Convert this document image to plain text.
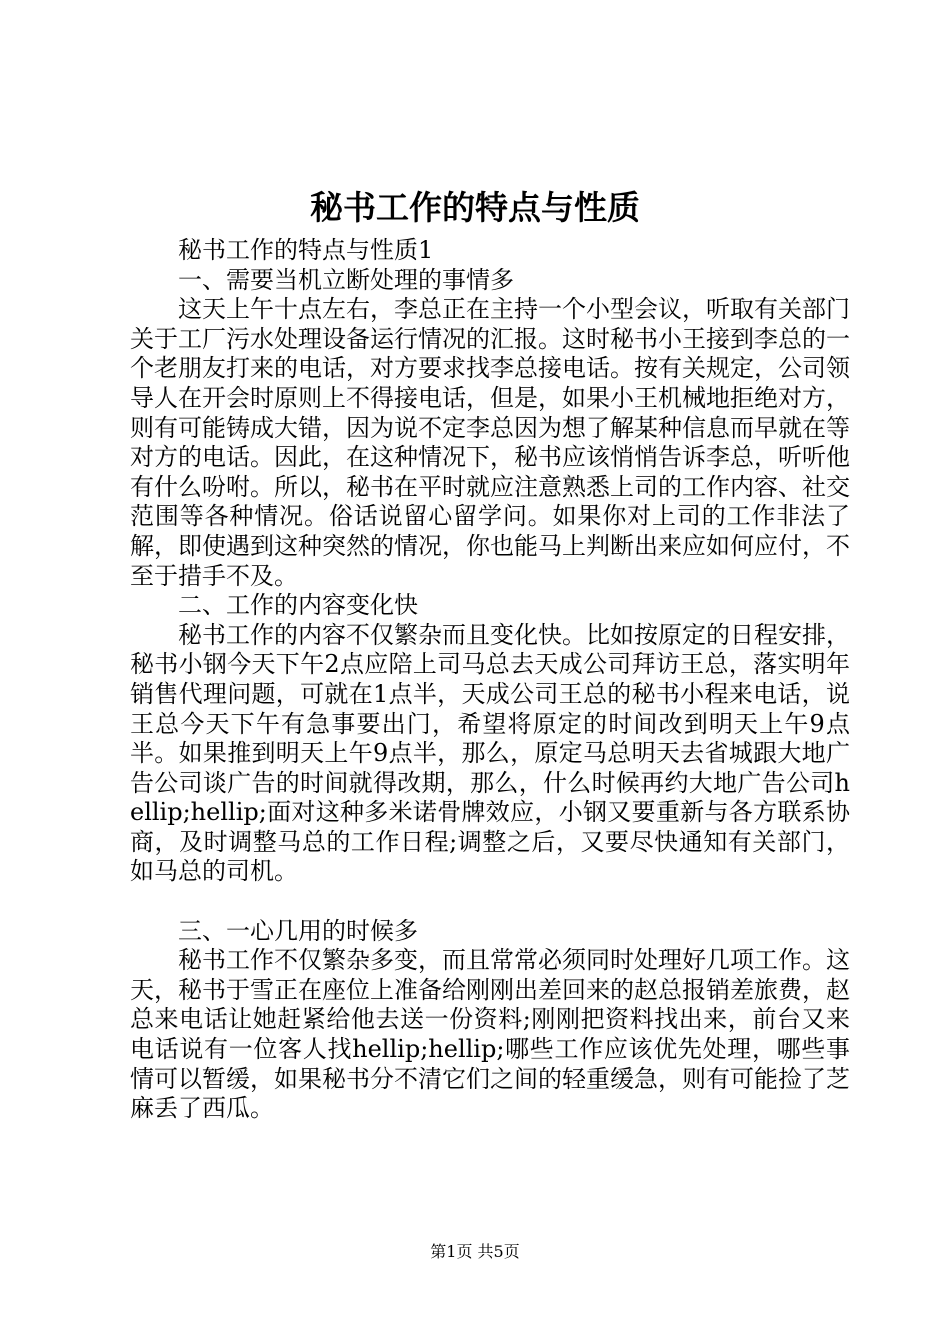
秘书工作的特点与性质

秘书工作的特点与性质1

一、需要当机立断处理的事情多

这天上午十点左右，李总正在主持一个小型会议，听取有关部门关于工厂污水处理设备运行情况的汇报。这时秘书小王接到李总的一个老朋友打来的电话，对方要求找李总接电话。按有关规定，公司领导人在开会时原则上不得接电话，但是，如果小王机械地拒绝对方，则有可能铸成大错，因为说不定李总因为想了解某种信息而早就在等对方的电话。因此，在这种情况下，秘书应该悄悄告诉李总，听听他有什么吩咐。所以，秘书在平时就应注意熟悉上司的工作内容、社交范围等各种情况。俗话说留心留学问。如果你对上司的工作非法了解，即使遇到这种突然的情况，你也能马上判断出来应如何应付，不至于措手不及。

二、工作的内容变化快

秘书工作的内容不仅繁杂而且变化快。比如按原定的日程安排，秘书小钢今天下午2点应陪上司马总去天成公司拜访王总，落实明年销售代理问题，可就在1点半，天成公司王总的秘书小程来电话，说王总今天下午有急事要出门，希望将原定的时间改到明天上午9点半。如果推到明天上午9点半，那么，原定马总明天去省城跟大地广告公司谈广告的时间就得改期，那么，什么时候再约大地广告公司hellip;hellip;面对这种多米诺骨牌效应，小钢又要重新与各方联系协商，及时调整马总的工作日程;调整之后，又要尽快通知有关部门，如马总的司机。

三、一心几用的时候多

秘书工作不仅繁杂多变，而且常常必须同时处理好几项工作。这天，秘书于雪正在座位上准备给刚刚出差回来的赵总报销差旅费，赵总来电话让她赶紧给他去送一份资料;刚刚把资料找出来，前台又来电话说有一位客人找hellip;hellip;哪些工作应该优先处理，哪些事情可以暂缓，如果秘书分不清它们之间的轻重缓急，则有可能捡了芝麻丢了西瓜。

第1页 共5页
